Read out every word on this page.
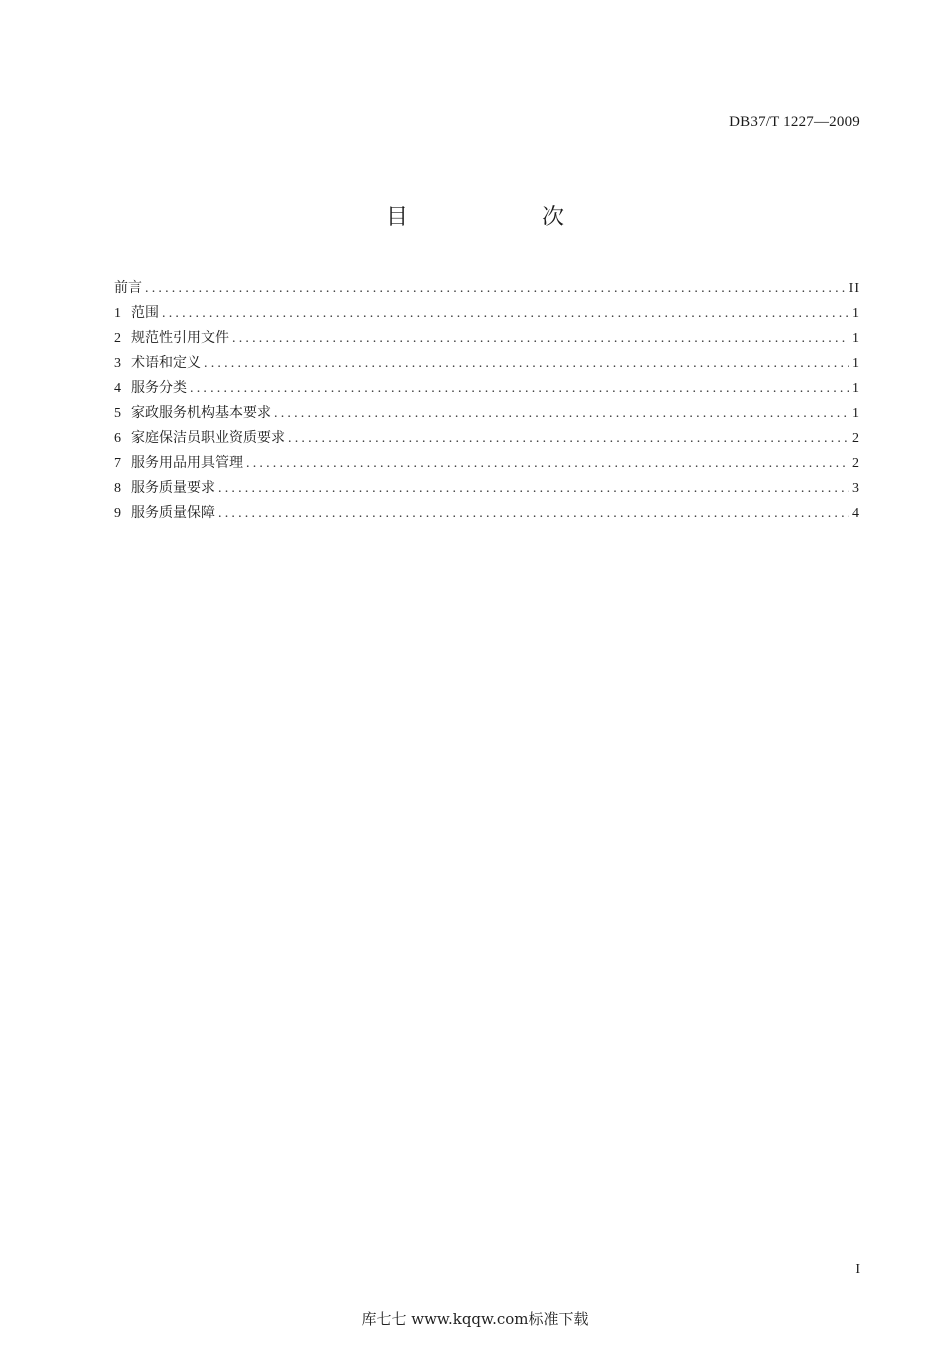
DB37/T 1227—2009
目　次
前言 .....	II
1 范围 .....	1
2 规范性引用文件 .....	1
3 术语和定义 .....	1
4 服务分类 .....	1
5 家政服务机构基本要求 .....	1
6 家庭保洁员职业资质要求 .....	2
7 服务用品用具管理 .....	2
8 服务质量要求 .....	3
9 服务质量保障 .....	4
I
库七七 www.kqqw.com标准下载
